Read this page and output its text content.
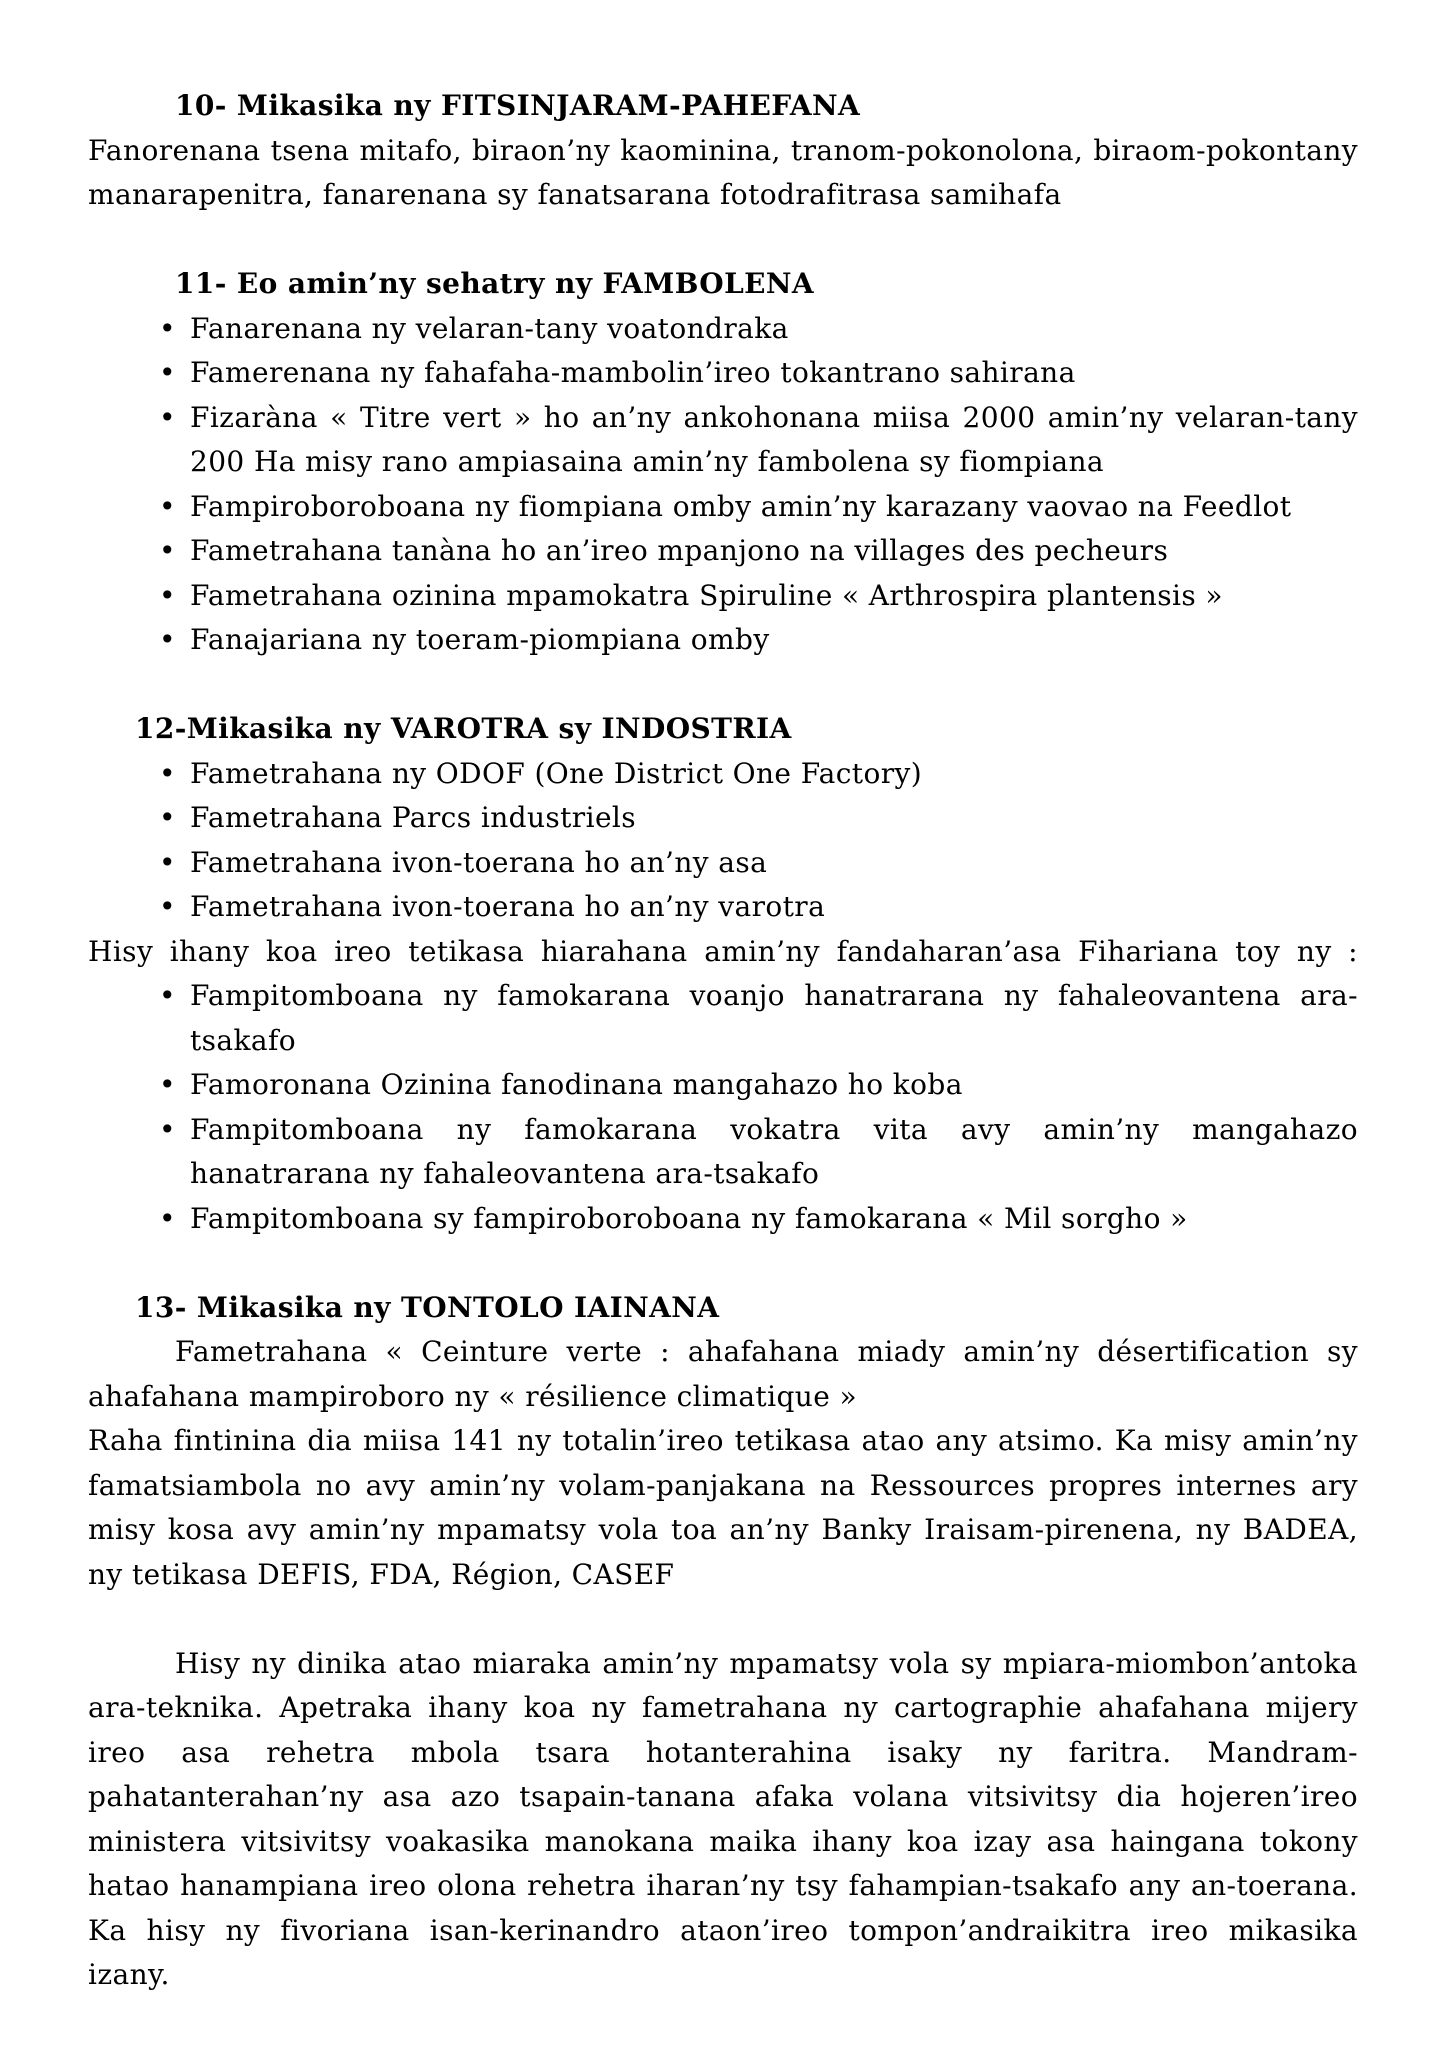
10- Mikasika ny FITSINJARAM-PAHEFANA

Fanorenana tsena mitafo, biraon’ny kaominina, tranom-pokonolona, biraom-pokontany manarapenitra, fanarenana sy fanatsarana fotodrafitrasa samihafa

11- Eo amin’ny sehatry ny FAMBOLENA

• Fanarenana ny velaran-tany voatondraka
• Famerenana ny fahafaha-mambolin’ireo tokantrano sahirana
• Fizaràna « Titre vert » ho an’ny ankohonana miisa 2000 amin’ny velaran-tany 200 Ha misy rano ampiasaina amin’ny fambolena sy fiompiana
• Fampiroboroboana ny fiompiana omby amin’ny karazany vaovao na Feedlot
• Fametrahana tanàna ho an’ireo mpanjono na villages des pecheurs
• Fametrahana ozinina mpamokatra Spiruline « Arthrospira plantensis »
• Fanajariana ny toeram-piompiana omby

12-Mikasika ny VAROTRA sy INDOSTRIA

• Fametrahana ny ODOF (One District One Factory)
• Fametrahana Parcs industriels
• Fametrahana ivon-toerana ho an’ny asa
• Fametrahana ivon-toerana ho an’ny varotra

Hisy ihany koa ireo tetikasa hiarahana amin’ny fandaharan’asa Fihariana toy ny :

• Fampitomboana ny famokarana voanjo hanatrarana ny fahaleovantena ara-tsakafo
• Famoronana Ozinina fanodinana mangahazo ho koba
• Fampitomboana ny famokarana vokatra vita avy amin’ny mangahazo hanatrarana ny fahaleovantena ara-tsakafo
• Fampitomboana sy fampiroboroboana ny famokarana « Mil sorgho »

13- Mikasika ny TONTOLO IAINANA

Fametrahana « Ceinture verte : ahafahana miady amin’ny désertification sy ahafahana mampiroboro ny « résilience climatique »

Raha fintinina dia miisa 141 ny totalin’ireo tetikasa atao any atsimo. Ka misy amin’ny famatsiambola no avy amin’ny volam-panjakana na Ressources propres internes ary misy kosa avy amin’ny mpamatsy vola toa an’ny Banky Iraisam-pirenena, ny BADEA, ny tetikasa DEFIS, FDA, Région, CASEF

Hisy ny dinika atao miaraka amin’ny mpamatsy vola sy mpiara-miombon’antoka ara-teknika. Apetraka ihany koa ny fametrahana ny cartographie ahafahana mijery ireo asa rehetra mbola tsara hotanterahina isaky ny faritra. Mandram-pahatanterahan’ny asa azo tsapain-tanana afaka volana vitsivitsy dia hojeren’ireo ministera vitsivitsy voakasika manokana maika ihany koa izay asa haingana tokony hatao hanampiana ireo olona rehetra iharan’ny tsy fahampian-tsakafo any an-toerana. Ka hisy ny fivoriana isan-kerinandro ataon’ireo tompon’andraikitra ireo mikasika izany.
